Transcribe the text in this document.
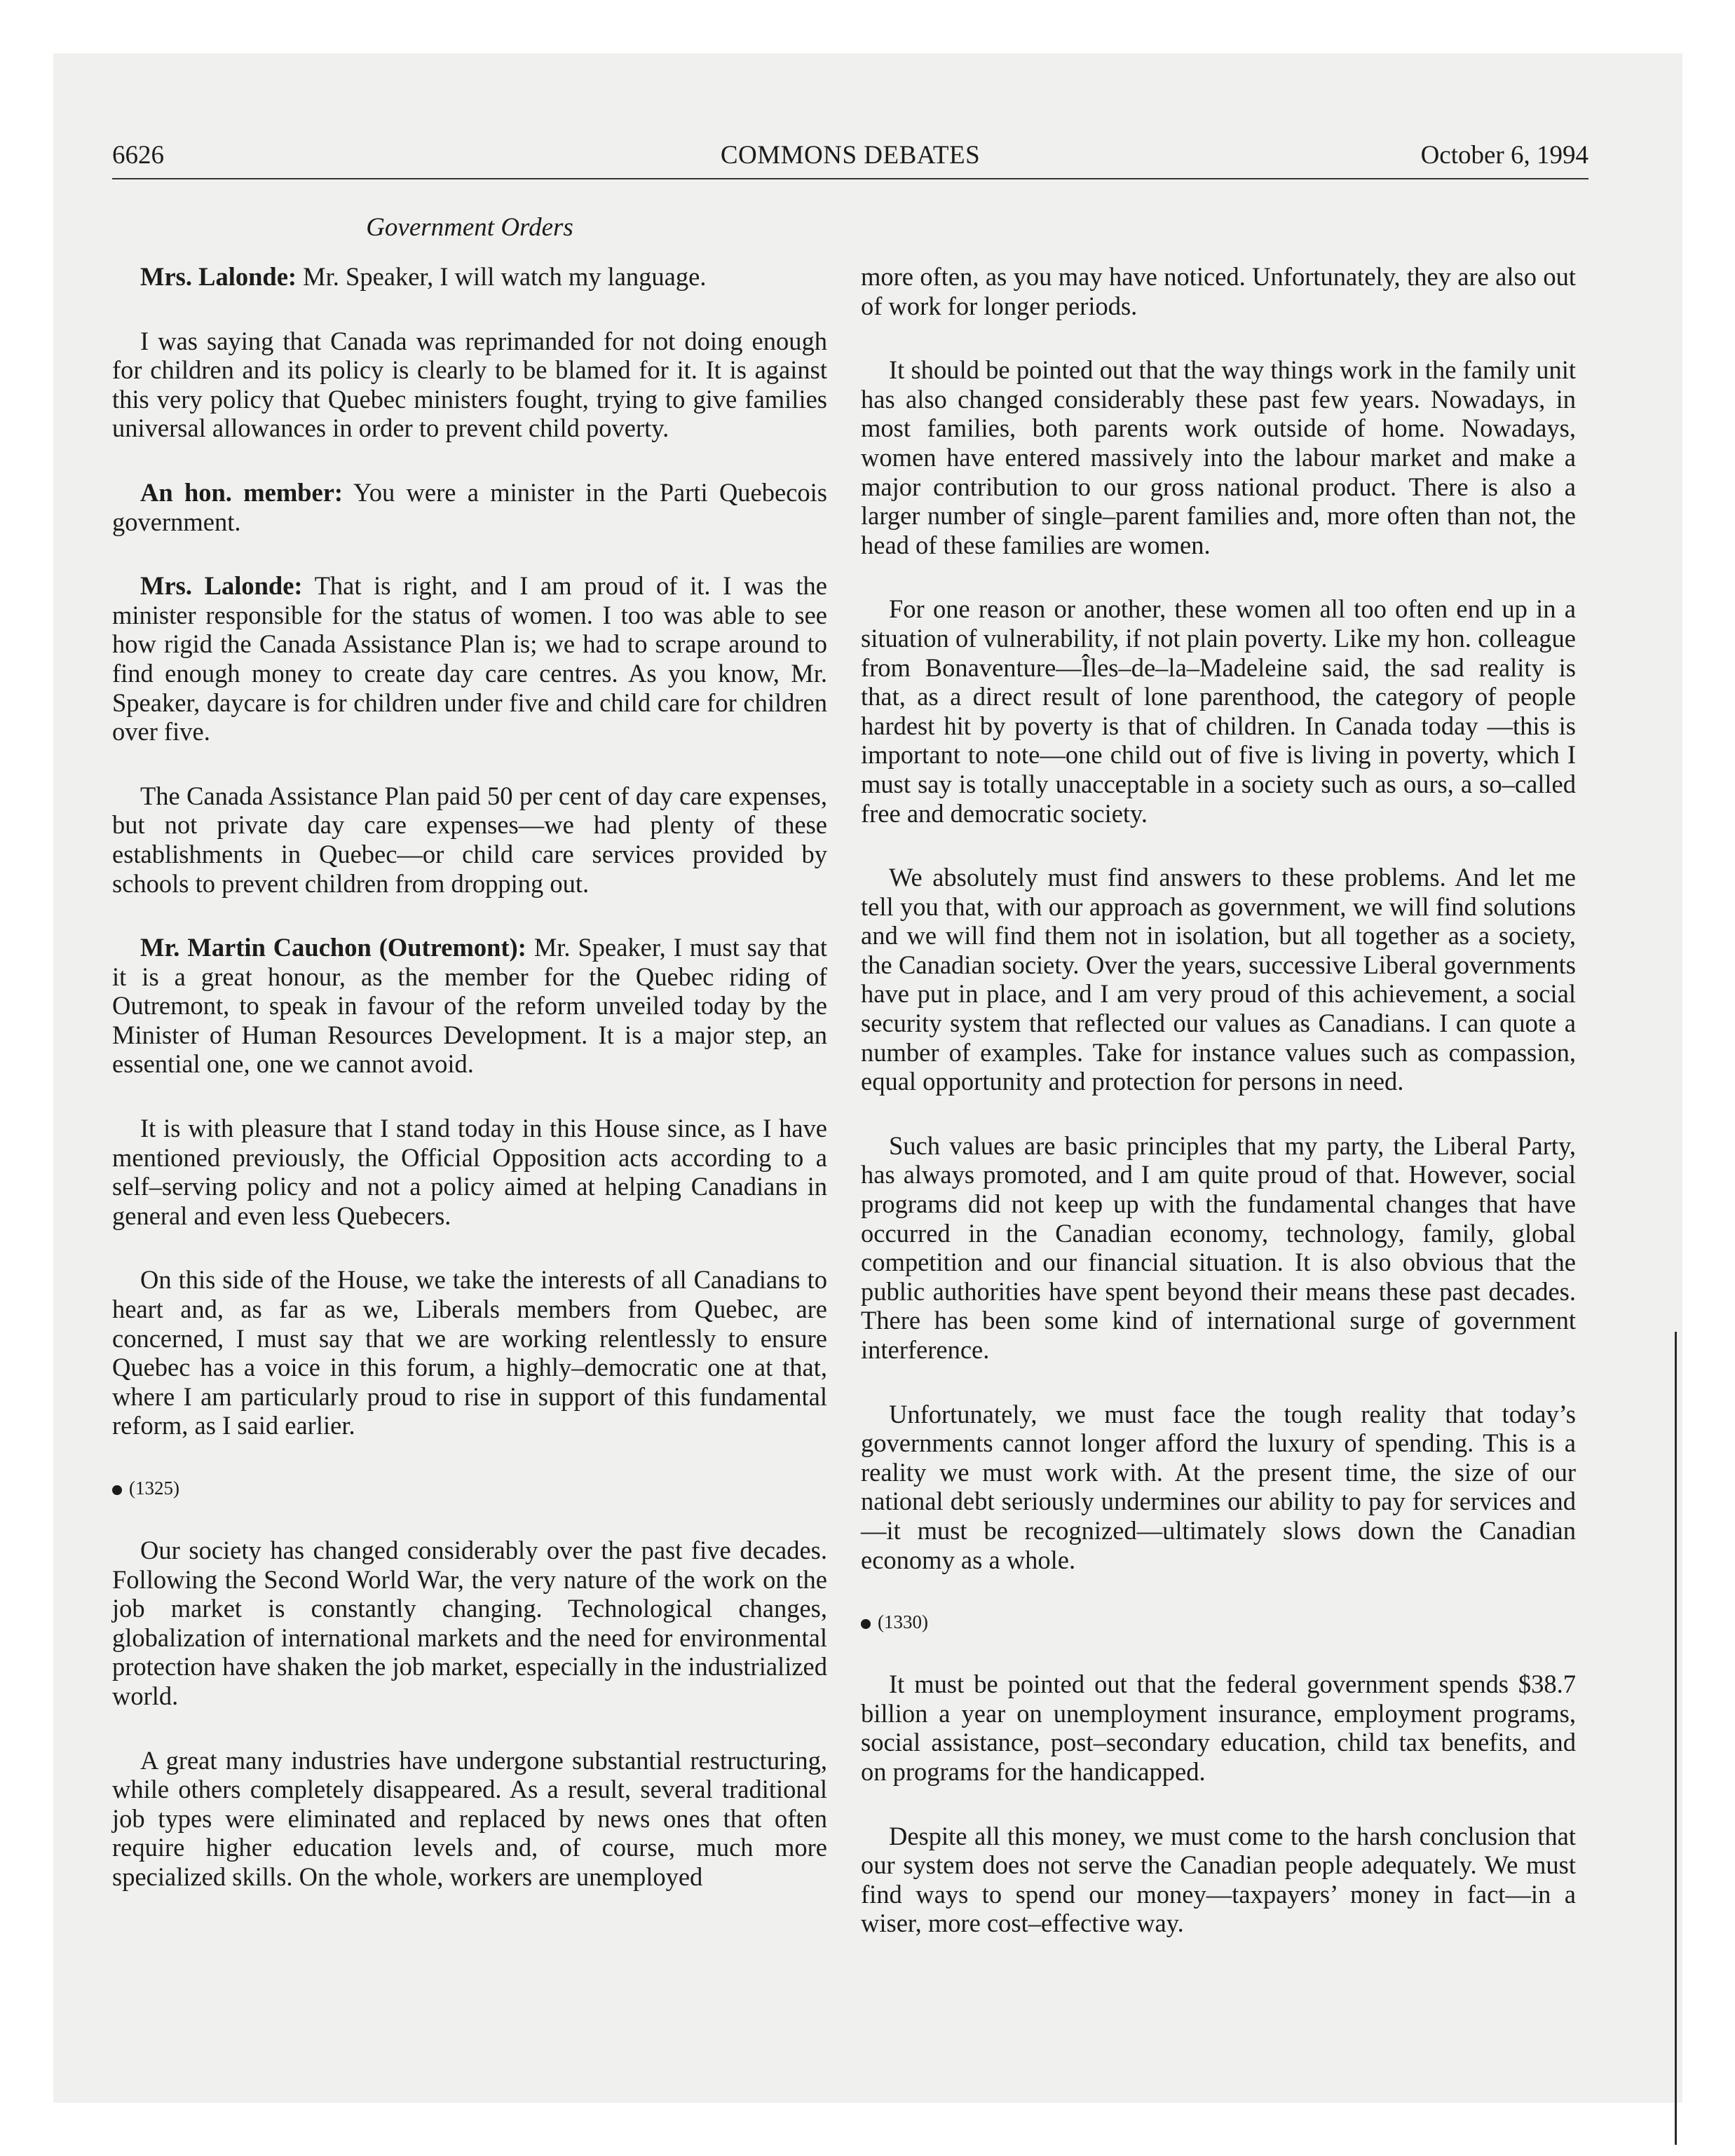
6626	COMMONS DEBATES	October 6, 1994
Government Orders

Mrs. Lalonde: Mr. Speaker, I will watch my language.

I was saying that Canada was reprimanded for not doing enough for children and its policy is clearly to be blamed for it. It is against this very policy that Quebec ministers fought, trying to give families universal allowances in order to prevent child poverty.

An hon. member: You were a minister in the Parti Quebecois government.

Mrs. Lalonde: That is right, and I am proud of it. I was the minister responsible for the status of women. I too was able to see how rigid the Canada Assistance Plan is; we had to scrape around to find enough money to create day care centres. As you know, Mr. Speaker, daycare is for children under five and child care for children over five.

The Canada Assistance Plan paid 50 per cent of day care expenses, but not private day care expenses—we had plenty of these establishments in Quebec—or child care services provided by schools to prevent children from dropping out.

Mr. Martin Cauchon (Outremont): Mr. Speaker, I must say that it is a great honour, as the member for the Quebec riding of Outremont, to speak in favour of the reform unveiled today by the Minister of Human Resources Development. It is a major step, an essential one, one we cannot avoid.

It is with pleasure that I stand today in this House since, as I have mentioned previously, the Official Opposition acts according to a self–serving policy and not a policy aimed at helping Canadians in general and even less Quebecers.

On this side of the House, we take the interests of all Canadians to heart and, as far as we, Liberals members from Quebec, are concerned, I must say that we are working relentlessly to ensure Quebec has a voice in this forum, a highly–democratic one at that, where I am particularly proud to rise in support of this fundamental reform, as I said earlier.

(1325)

Our society has changed considerably over the past five decades. Following the Second World War, the very nature of the work on the job market is constantly changing. Technological changes, globalization of international markets and the need for environmental protection have shaken the job market, especially in the industrialized world.

A great many industries have undergone substantial restructuring, while others completely disappeared. As a result, several traditional job types were eliminated and replaced by news ones that often require higher education levels and, of course, much more specialized skills. On the whole, workers are unemployed

more often, as you may have noticed. Unfortunately, they are also out of work for longer periods.

It should be pointed out that the way things work in the family unit has also changed considerably these past few years. Nowadays, in most families, both parents work outside of home. Nowadays, women have entered massively into the labour market and make a major contribution to our gross national product. There is also a larger number of single–parent families and, more often than not, the head of these families are women.

For one reason or another, these women all too often end up in a situation of vulnerability, if not plain poverty. Like my hon. colleague from Bonaventure—Îles–de–la–Madeleine said, the sad reality is that, as a direct result of lone parenthood, the category of people hardest hit by poverty is that of children. In Canada today —this is important to note—one child out of five is living in poverty, which I must say is totally unacceptable in a society such as ours, a so–called free and democratic society.

We absolutely must find answers to these problems. And let me tell you that, with our approach as government, we will find solutions and we will find them not in isolation, but all together as a society, the Canadian society. Over the years, successive Liberal governments have put in place, and I am very proud of this achievement, a social security system that reflected our values as Canadians. I can quote a number of examples. Take for instance values such as compassion, equal opportunity and protection for persons in need.

Such values are basic principles that my party, the Liberal Party, has always promoted, and I am quite proud of that. However, social programs did not keep up with the fundamental changes that have occurred in the Canadian economy, technology, family, global competition and our financial situation. It is also obvious that the public authorities have spent beyond their means these past decades. There has been some kind of international surge of government interference.

Unfortunately, we must face the tough reality that today’s governments cannot longer afford the luxury of spending. This is a reality we must work with. At the present time, the size of our national debt seriously undermines our ability to pay for services and—it must be recognized—ultimately slows down the Canadian economy as a whole.

(1330)

It must be pointed out that the federal government spends $38.7 billion a year on unemployment insurance, employment programs, social assistance, post–secondary education, child tax benefits, and on programs for the handicapped.

Despite all this money, we must come to the harsh conclusion that our system does not serve the Canadian people adequately. We must find ways to spend our money—taxpayers’ money in fact—in a wiser, more cost–effective way.
